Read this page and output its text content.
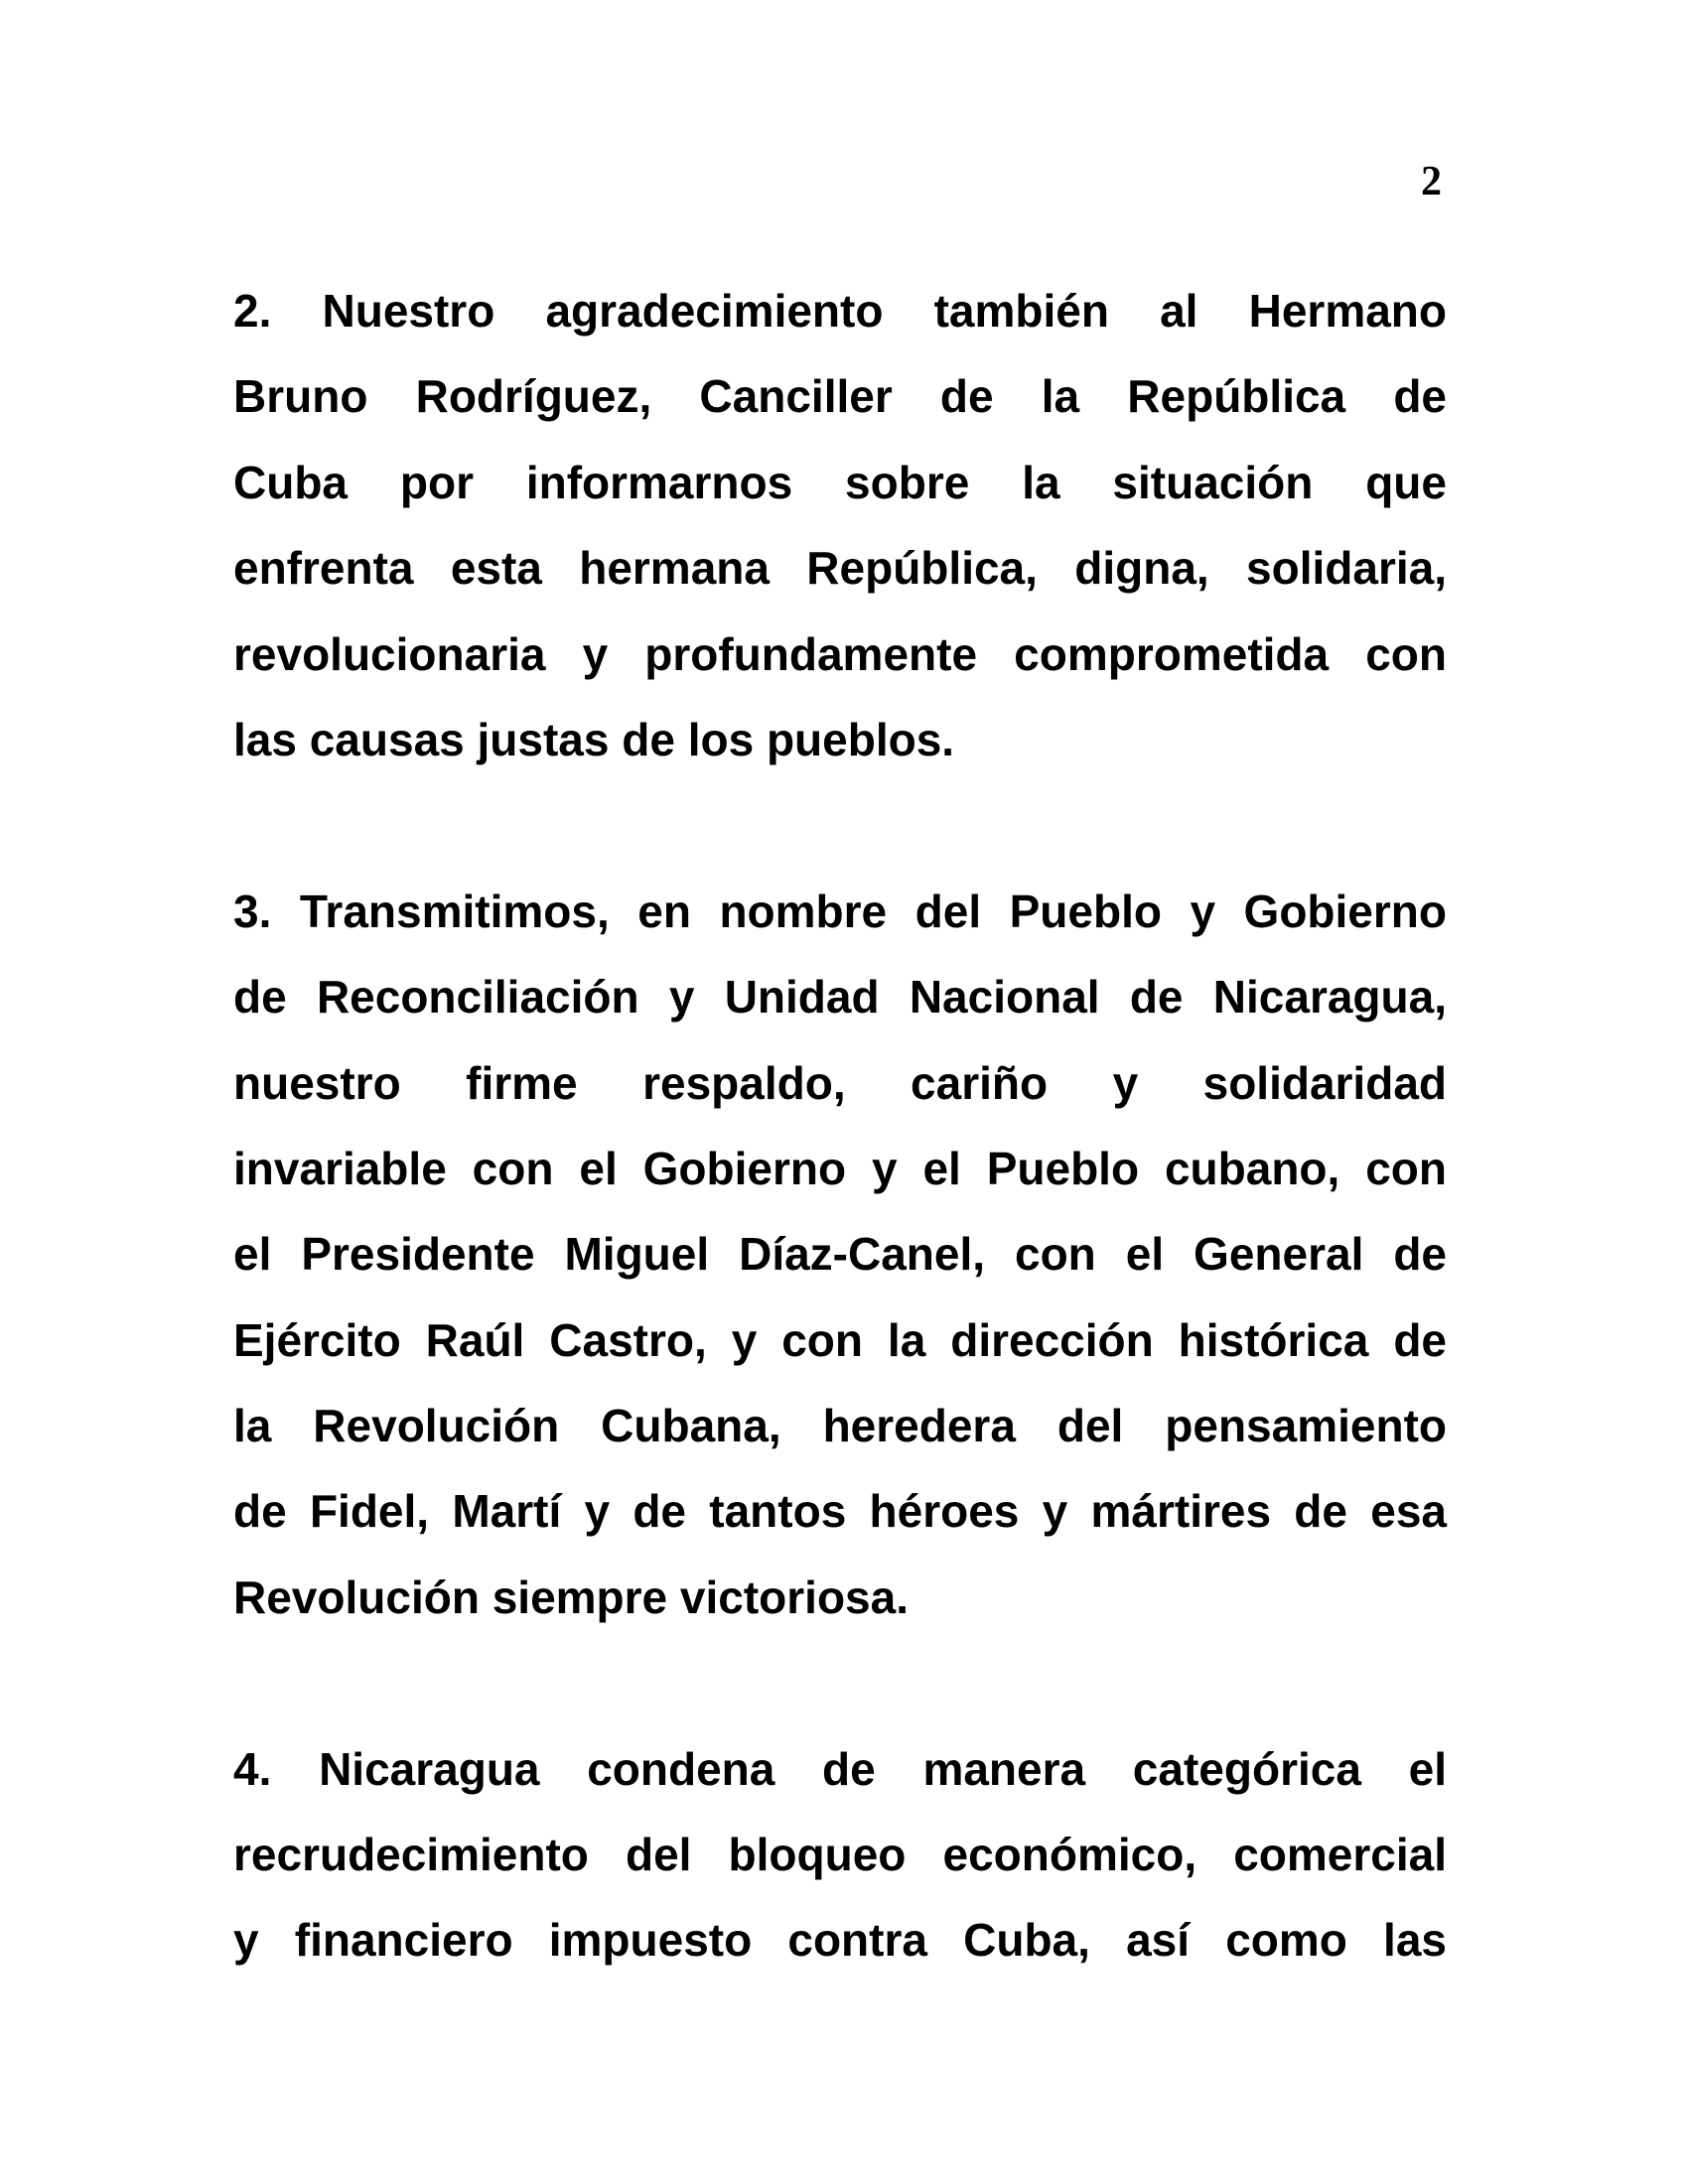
2

2. Nuestro agradecimiento también al Hermano
Bruno Rodríguez, Canciller de la República de
Cuba por informarnos sobre la situación que
enfrenta esta hermana República, digna, solidaria,
revolucionaria y profundamente comprometida con
las causas justas de los pueblos.

3. Transmitimos, en nombre del Pueblo y Gobierno
de Reconciliación y Unidad Nacional de Nicaragua,
nuestro firme respaldo, cariño y solidaridad
invariable con el Gobierno y el Pueblo cubano, con
el Presidente Miguel Díaz-Canel, con el General de
Ejército Raúl Castro, y con la dirección histórica de
la Revolución Cubana, heredera del pensamiento
de Fidel, Martí y de tantos héroes y mártires de esa
Revolución siempre victoriosa.

4. Nicaragua condena de manera categórica el
recrudecimiento del bloqueo económico, comercial
y financiero impuesto contra Cuba, así como las
